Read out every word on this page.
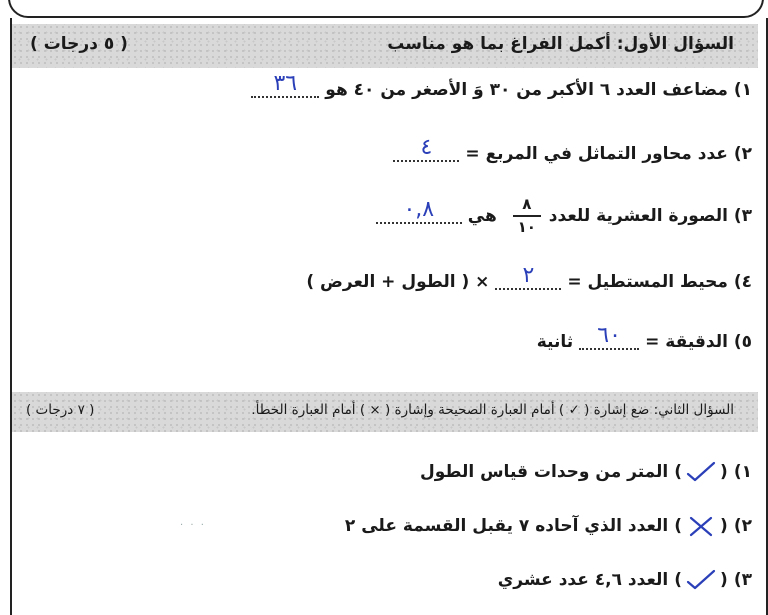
السؤال الأول: أكمل الفراغ بما هو مناسب
( ٥ درجات )
١) مضاعف العدد ٦ الأكبر من ٣٠ وَ الأصغر من ٤٠ هو
٣٦
٢) عدد محاور التماثل في المربع =
٤
٣) الصورة العشرية للعدد
$\frac{٨}{١٠}$
هي
٠,٨
٤) محيط المستطيل =
٢
× ( الطول + العرض )
٥) الدقيقة =
٦٠
ثانية
السؤال الثاني: ضع إشارة ( ✓ ) أمام العبارة الصحيحة وإشارة ( × ) أمام العبارة الخطأ.
( ٧ درجات )
١)
(
)
المتر من وحدات قياس الطول
٢)
(
)
العدد الذي آحاده ٧ يقبل القسمة على ٢
٣)
(
)
العدد ٤,٦ عدد عشري
· · ·
